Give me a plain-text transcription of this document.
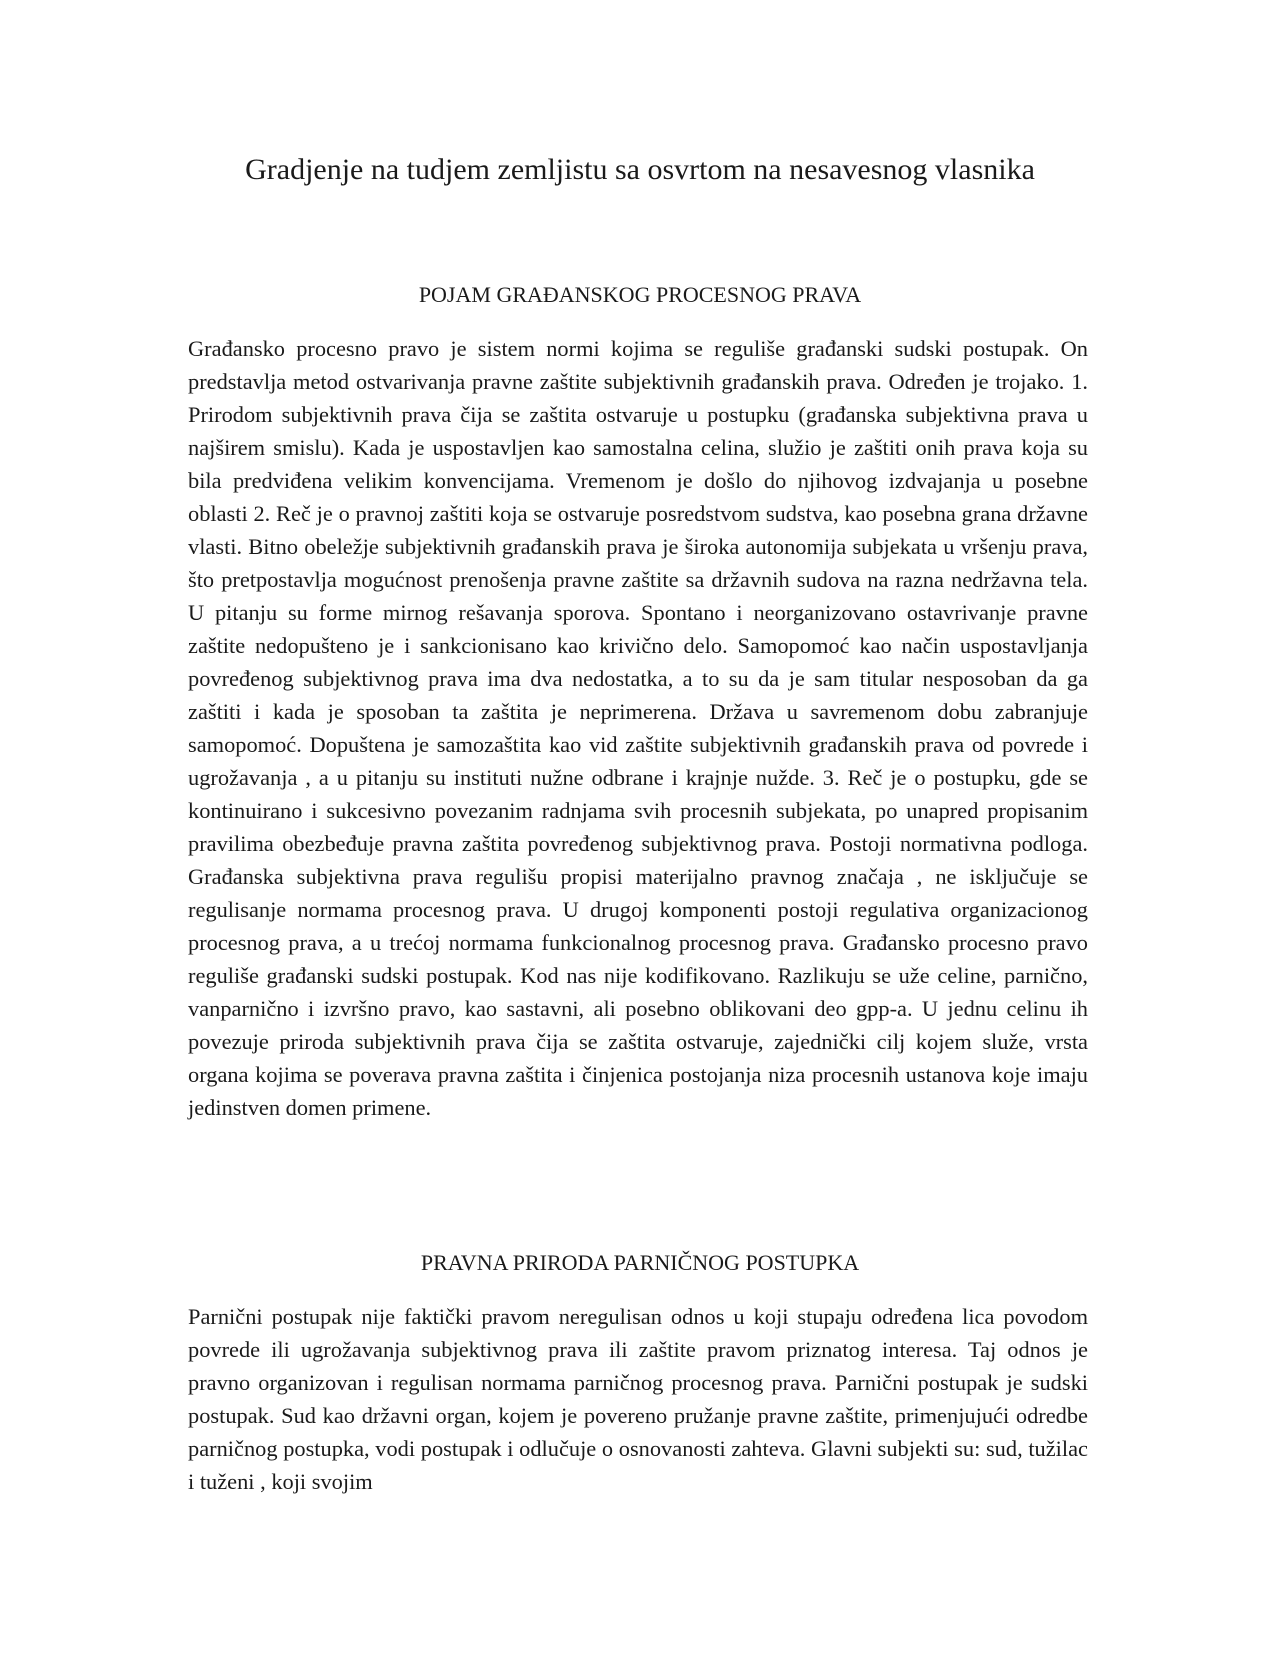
Gradjenje na tudjem zemljistu sa osvrtom na nesavesnog vlasnika
POJAM GRAĐANSKOG PROCESNOG PRAVA

Građansko procesno pravo je sistem normi kojima se reguliše građanski sudski postupak. On predstavlja metod ostvarivanja pravne zaštite subjektivnih građanskih prava. Određen je trojako. 1. Prirodom subjektivnih prava čija se zaštita ostvaruje u postupku (građanska subjektivna prava u najširem smislu). Kada je uspostavljen kao samostalna celina, služio je zaštiti onih prava koja su bila predviđena velikim konvencijama. Vremenom je došlo do njihovog izdvajanja u posebne oblasti 2. Reč je o pravnoj zaštiti koja se ostvaruje posredstvom sudstva, kao posebna grana državne vlasti. Bitno obeležje subjektivnih građanskih prava je široka autonomija subjekata u vršenju prava, što pretpostavlja mogućnost prenošenja pravne zaštite sa državnih sudova na razna nedržavna tela. U pitanju su forme mirnog rešavanja sporova. Spontano i neorganizovano ostavrivanje pravne zaštite nedopušteno je i sankcionisano kao krivično delo. Samopomoć kao način uspostavljanja povređenog subjektivnog prava ima dva nedostatka, a to su da je sam titular nesposoban da ga zaštiti i kada je sposoban ta zaštita je neprimerena. Država u savremenom dobu zabranjuje samopomoć. Dopuštena je samozaštita kao vid zaštite subjektivnih građanskih prava od povrede i ugrožavanja , a u pitanju su instituti nužne odbrane i krajnje nužde. 3. Reč je o postupku, gde se kontinuirano i sukcesivno povezanim radnjama svih procesnih subjekata, po unapred propisanim pravilima obezbeđuje pravna zaštita povređenog subjektivnog prava. Postoji normativna podloga. Građanska subjektivna prava regulišu propisi materijalno pravnog značaja , ne isključuje se regulisanje normama procesnog prava. U drugoj komponenti postoji regulativa organizacionog procesnog prava, a u trećoj normama funkcionalnog procesnog prava. Građansko procesno pravo reguliše građanski sudski postupak. Kod nas nije kodifikovano. Razlikuju se uže celine, parnično, vanparnično i izvršno pravo, kao sastavni, ali posebno oblikovani deo gpp-a. U jednu celinu ih povezuje priroda subjektivnih prava čija se zaštita ostvaruje, zajednički cilj kojem služe, vrsta organa kojima se poverava pravna zaštita i činjenica postojanja niza procesnih ustanova koje imaju jedinstven domen primene.

PRAVNA PRIRODA PARNIČNOG POSTUPKA

Parnični postupak nije faktički pravom neregulisan odnos u koji stupaju određena lica povodom povrede ili ugrožavanja subjektivnog prava ili zaštite pravom priznatog interesa. Taj odnos je pravno organizovan i regulisan normama parničnog procesnog prava. Parnični postupak je sudski postupak. Sud kao državni organ, kojem je povereno pružanje pravne zaštite, primenjujući odredbe parničnog postupka, vodi postupak i odlučuje o osnovanosti zahteva. Glavni subjekti su: sud, tužilac i tuženi , koji svojim
